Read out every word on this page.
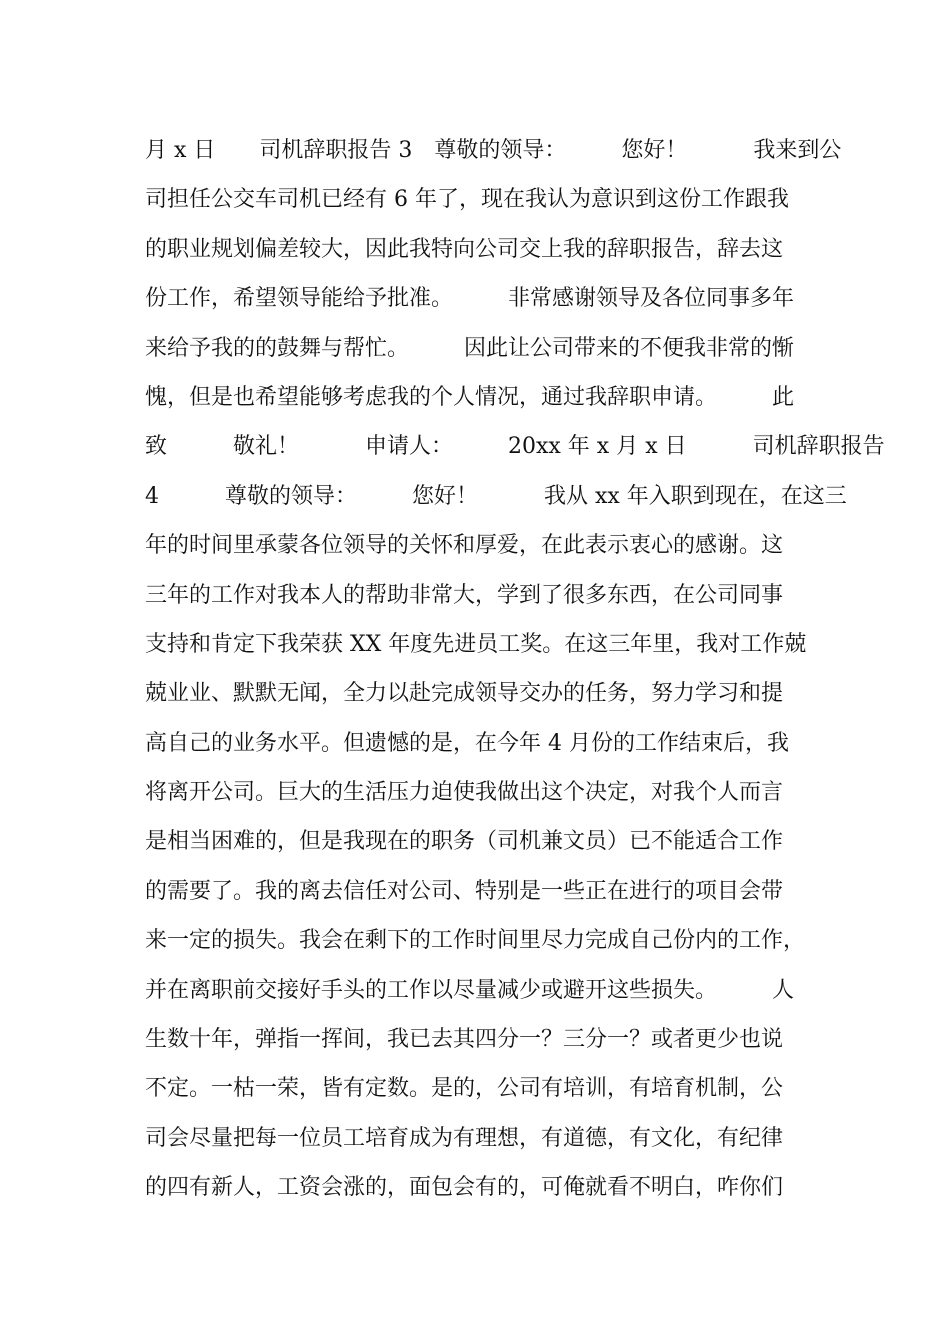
月 x 日　　司机辞职报告 3　尊敬的领导：　　　您好！　　　我来到公
司担任公交车司机已经有 6 年了，现在我认为意识到这份工作跟我
的职业规划偏差较大，因此我特向公司交上我的辞职报告，辞去这
份工作，希望领导能给予批准。　　　非常感谢领导及各位同事多年
来给予我的的鼓舞与帮忙。　　　因此让公司带来的不便我非常的惭
愧，但是也希望能够考虑我的个人情况，通过我辞职申请。　　　此
致　　　敬礼！　　　申请人：　　　20xx 年 x 月 x 日　　　司机辞职报告
4　　　尊敬的领导：　　　您好！　　　我从 xx 年入职到现在，在这三
年的时间里承蒙各位领导的关怀和厚爱，在此表示衷心的感谢。这
三年的工作对我本人的帮助非常大，学到了很多东西，在公司同事
支持和肯定下我荣获 XX 年度先进员工奖。在这三年里，我对工作兢
兢业业、默默无闻，全力以赴完成领导交办的任务，努力学习和提
高自己的业务水平。但遗憾的是，在今年 4 月份的工作结束后，我
将离开公司。巨大的生活压力迫使我做出这个决定，对我个人而言
是相当困难的，但是我现在的职务（司机兼文员）已不能适合工作
的需要了。我的离去信任对公司、特别是一些正在进行的项目会带
来一定的损失。我会在剩下的工作时间里尽力完成自己份内的工作，
并在离职前交接好手头的工作以尽量减少或避开这些损失。　　　人
生数十年，弹指一挥间，我已去其四分一？三分一？或者更少也说
不定。一枯一荣，皆有定数。是的，公司有培训，有培育机制，公
司会尽量把每一位员工培育成为有理想，有道德，有文化，有纪律
的四有新人，工资会涨的，面包会有的，可俺就看不明白，咋你们
